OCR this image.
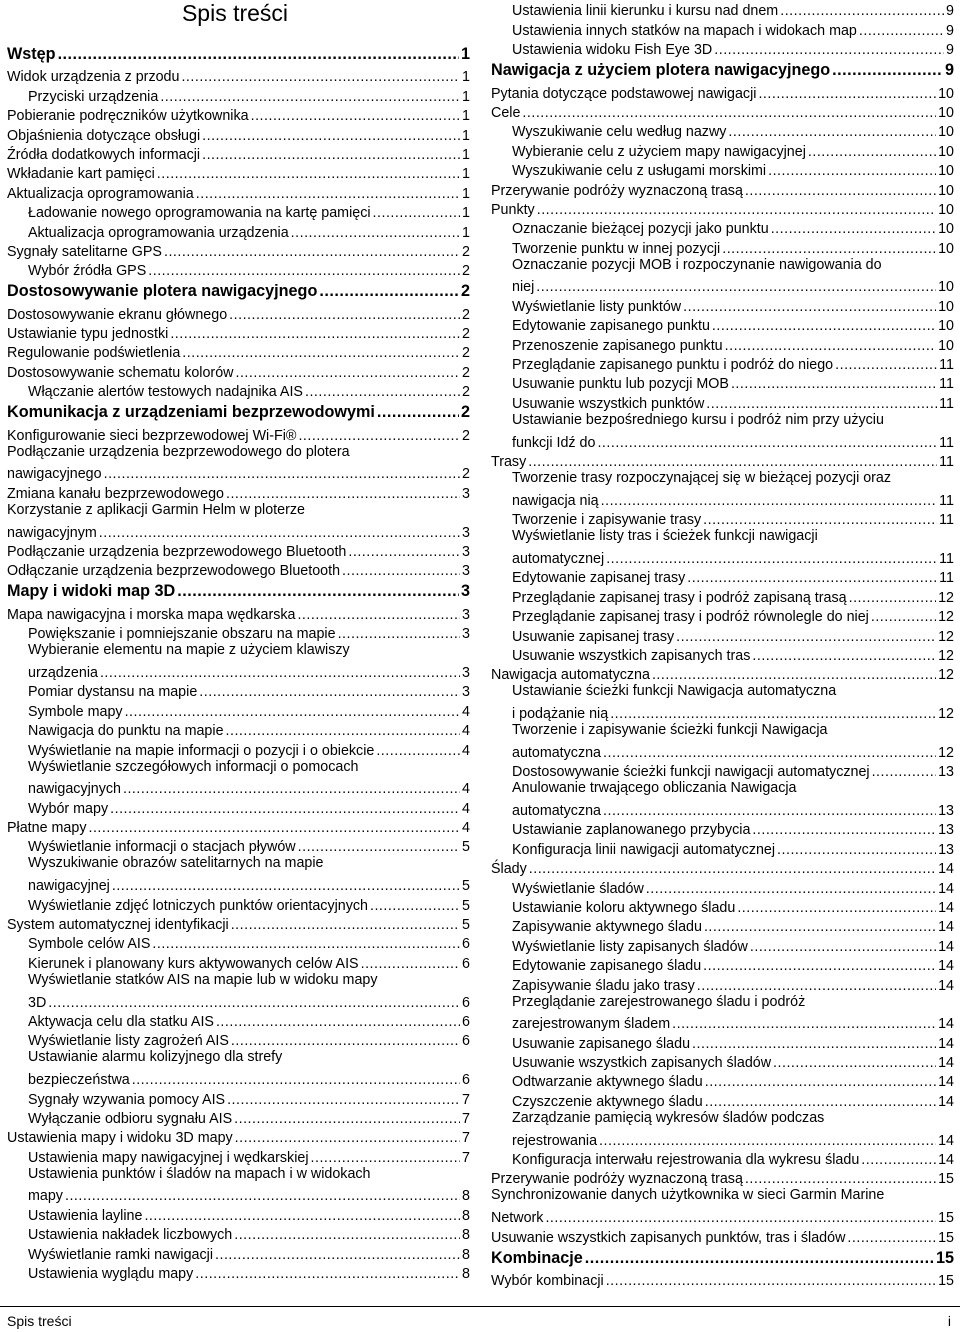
Spis treści
Wstęp .....	1
Widok urządzenia z przodu .....	1
Przyciski urządzenia .....	1
Pobieranie podręczników użytkownika .....	1
Objaśnienia dotyczące obsługi .....	1
Źródła dodatkowych informacji .....	1
Wkładanie kart pamięci .....	1
Aktualizacja oprogramowania .....	1
Ładowanie nowego oprogramowania na kartę pamięci .....	1
Aktualizacja oprogramowania urządzenia .....	1
Sygnały satelitarne GPS .....	2
Wybór źródła GPS .....	2
Dostosowywanie plotera nawigacyjnego .....	2
Dostosowywanie ekranu głównego .....	2
Ustawianie typu jednostki .....	2
Regulowanie podświetlenia .....	2
Dostosowywanie schematu kolorów .....	2
Włączanie alertów testowych nadajnika AIS .....	2
Komunikacja z urządzeniami bezprzewodowymi .....	2
Konfigurowanie sieci bezprzewodowej Wi‑Fi® .....	2
Podłączanie urządzenia bezprzewodowego do plotera
nawigacyjnego .....	2
Zmiana kanału bezprzewodowego .....	3
Korzystanie z aplikacji Garmin Helm w ploterze
nawigacyjnym .....	3
Podłączanie urządzenia bezprzewodowego Bluetooth .....	3
Odłączanie urządzenia bezprzewodowego Bluetooth .....	3
Mapy i widoki map 3D .....	3
Mapa nawigacyjna i morska mapa wędkarska .....	3
Powiększanie i pomniejszanie obszaru na mapie .....	3
Wybieranie elementu na mapie z użyciem klawiszy
urządzenia .....	3
Pomiar dystansu na mapie .....	3
Symbole mapy .....	4
Nawigacja do punktu na mapie .....	4
Wyświetlanie na mapie informacji o pozycji i o obiekcie .....	4
Wyświetlanie szczegółowych informacji o pomocach
nawigacyjnych .....	4
Wybór mapy .....	4
Płatne mapy .....	4
Wyświetlanie informacji o stacjach pływów .....	5
Wyszukiwanie obrazów satelitarnych na mapie
nawigacyjnej .....	5
Wyświetlanie zdjęć lotniczych punktów orientacyjnych .....	5
System automatycznej identyfikacji .....	5
Symbole celów AIS .....	6
Kierunek i planowany kurs aktywowanych celów AIS .....	6
Wyświetlanie statków AIS na mapie lub w widoku mapy
3D .....	6
Aktywacja celu dla statku AIS .....	6
Wyświetlanie listy zagrożeń AIS .....	6
Ustawianie alarmu kolizyjnego dla strefy
bezpieczeństwa .....	6
Sygnały wzywania pomocy AIS .....	7
Wyłączanie odbioru sygnału AIS .....	7
Ustawienia mapy i widoku 3D mapy .....	7
Ustawienia mapy nawigacyjnej i wędkarskiej .....	7
Ustawienia punktów i śladów na mapach i w widokach
mapy .....	8
Ustawienia layline .....	8
Ustawienia nakładek liczbowych .....	8
Wyświetlanie ramki nawigacji .....	8
Ustawienia wyglądu mapy .....	8
Ustawienia linii kierunku i kursu nad dnem .....	9
Ustawienia innych statków na mapach i widokach map .....	9
Ustawienia widoku Fish Eye 3D .....	9
Nawigacja z użyciem plotera nawigacyjnego .....	9
Pytania dotyczące podstawowej nawigacji .....	10
Cele .....	10
Wyszukiwanie celu według nazwy .....	10
Wybieranie celu z użyciem mapy nawigacyjnej .....	10
Wyszukiwanie celu z usługami morskimi .....	10
Przerywanie podróży wyznaczoną trasą .....	10
Punkty .....	10
Oznaczanie bieżącej pozycji jako punktu .....	10
Tworzenie punktu w innej pozycji .....	10
Oznaczanie pozycji MOB i rozpoczynanie nawigowania do
niej .....	10
Wyświetlanie listy punktów .....	10
Edytowanie zapisanego punktu .....	10
Przenoszenie zapisanego punktu .....	10
Przeglądanie zapisanego punktu i podróż do niego .....	11
Usuwanie punktu lub pozycji MOB .....	11
Usuwanie wszystkich punktów .....	11
Ustawianie bezpośredniego kursu i podróż nim przy użyciu
funkcji Idź do .....	11
Trasy .....	11
Tworzenie trasy rozpoczynającej się w bieżącej pozycji oraz
nawigacja nią .....	11
Tworzenie i zapisywanie trasy .....	11
Wyświetlanie listy tras i ścieżek funkcji nawigacji
automatycznej .....	11
Edytowanie zapisanej trasy .....	11
Przeglądanie zapisanej trasy i podróż zapisaną trasą .....	12
Przeglądanie zapisanej trasy i podróż równolegle do niej .....	12
Usuwanie zapisanej trasy .....	12
Usuwanie wszystkich zapisanych tras .....	12
Nawigacja automatyczna .....	12
Ustawianie ścieżki funkcji Nawigacja automatyczna
i podążanie nią .....	12
Tworzenie i zapisywanie ścieżki funkcji Nawigacja
automatyczna .....	12
Dostosowywanie ścieżki funkcji nawigacji automatycznej .....	13
Anulowanie trwającego obliczania Nawigacja
automatyczna .....	13
Ustawianie zaplanowanego przybycia .....	13
Konfiguracja linii nawigacji automatycznej .....	13
Ślady .....	14
Wyświetlanie śladów .....	14
Ustawianie koloru aktywnego śladu .....	14
Zapisywanie aktywnego śladu .....	14
Wyświetlanie listy zapisanych śladów .....	14
Edytowanie zapisanego śladu .....	14
Zapisywanie śladu jako trasy .....	14
Przeglądanie zarejestrowanego śladu i podróż
zarejestrowanym śladem .....	14
Usuwanie zapisanego śladu .....	14
Usuwanie wszystkich zapisanych śladów .....	14
Odtwarzanie aktywnego śladu .....	14
Czyszczenie aktywnego śladu .....	14
Zarządzanie pamięcią wykresów śladów podczas
rejestrowania .....	14
Konfiguracja interwału rejestrowania dla wykresu śladu .....	14
Przerywanie podróży wyznaczoną trasą .....	15
Synchronizowanie danych użytkownika w sieci Garmin Marine
Network .....	15
Usuwanie wszystkich zapisanych punktów, tras i śladów .....	15
Kombinacje .....	15
Wybór kombinacji .....	15
Spis treści	i
